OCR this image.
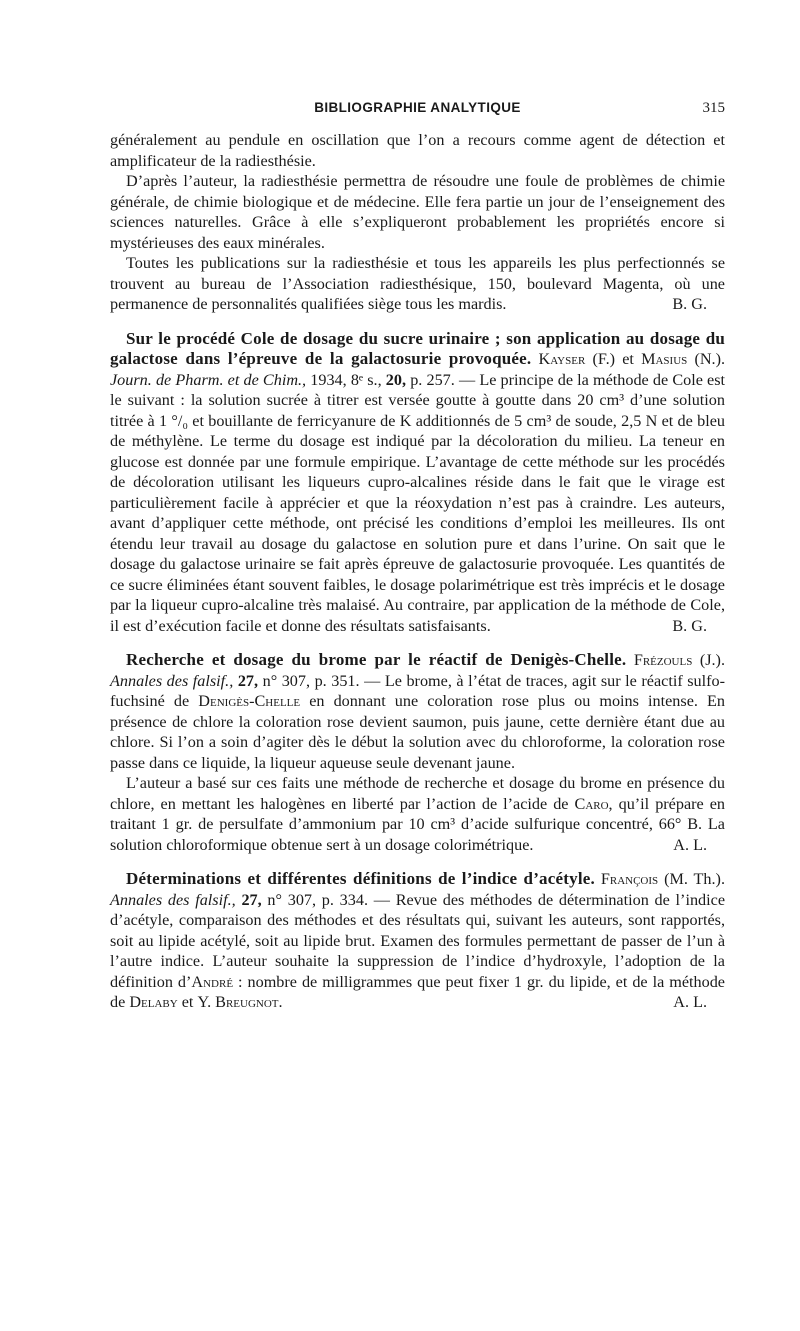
BIBLIOGRAPHIE ANALYTIQUE	315

généralement au pendule en oscillation que l’on a recours comme agent de détection et amplificateur de la radiesthésie.

D’après l’auteur, la radiesthésie permettra de résoudre une foule de problèmes de chimie générale, de chimie biologique et de médecine. Elle fera partie un jour de l’enseignement des sciences naturelles. Grâce à elle s’expliqueront probablement les propriétés encore si mystérieuses des eaux minérales.

Toutes les publications sur la radiesthésie et tous les appareils les plus perfectionnés se trouvent au bureau de l’Association radiesthésique, 150, boulevard Magenta, où une permanence de personnalités qualifiées siège tous les mardis.	B. G.

Sur le procédé Cole de dosage du sucre urinaire ; son application au dosage du galactose dans l’épreuve de la galactosurie provoquée. Kayser (F.) et Masius (N.). Journ. de Pharm. et de Chim., 1934, 8ᵉ s., 20, p. 257. — Le principe de la méthode de Cole est le suivant : la solution sucrée à titrer est versée goutte à goutte dans 20 cm³ d’une solution titrée à 1 °/₀ et bouillante de ferricyanure de K additionnés de 5 cm³ de soude, 2,5 N et de bleu de méthylène. Le terme du dosage est indiqué par la décoloration du milieu. La teneur en glucose est donnée par une formule empirique. L’avantage de cette méthode sur les procédés de décoloration utilisant les liqueurs cupro-alcalines réside dans le fait que le virage est particulièrement facile à apprécier et que la réoxydation n’est pas à craindre. Les auteurs, avant d’appliquer cette méthode, ont précisé les conditions d’emploi les meilleures. Ils ont étendu leur travail au dosage du galactose en solution pure et dans l’urine. On sait que le dosage du galactose urinaire se fait après épreuve de galactosurie provoquée. Les quantités de ce sucre éliminées étant souvent faibles, le dosage polarimétrique est très imprécis et le dosage par la liqueur cupro-alcaline très malaisé. Au contraire, par application de la méthode de Cole, il est d’exécution facile et donne des résultats satisfaisants.	B. G.

Recherche et dosage du brome par le réactif de Denigès-Chelle. Frézouls (J.). Annales des falsif., 27, n° 307, p. 351. — Le brome, à l’état de traces, agit sur le réactif sulfo-fuchsiné de Denigès-Chelle en donnant une coloration rose plus ou moins intense. En présence de chlore la coloration rose devient saumon, puis jaune, cette dernière étant due au chlore. Si l’on a soin d’agiter dès le début la solution avec du chloroforme, la coloration rose passe dans ce liquide, la liqueur aqueuse seule devenant jaune.

L’auteur a basé sur ces faits une méthode de recherche et dosage du brome en présence du chlore, en mettant les halogènes en liberté par l’action de l’acide de Caro, qu’il prépare en traitant 1 gr. de persulfate d’ammonium par 10 cm³ d’acide sulfurique concentré, 66° B. La solution chloroformique obtenue sert à un dosage colorimétrique.	A. L.

Déterminations et différentes définitions de l’indice d’acétyle. François (M. Th.). Annales des falsif., 27, n° 307, p. 334. — Revue des méthodes de détermination de l’indice d’acétyle, comparaison des méthodes et des résultats qui, suivant les auteurs, sont rapportés, soit au lipide acétylé, soit au lipide brut. Examen des formules permettant de passer de l’un à l’autre indice. L’auteur souhaite la suppression de l’indice d’hydroxyle, l’adoption de la définition d’André : nombre de milligrammes que peut fixer 1 gr. du lipide, et de la méthode de Delaby et Y. Breugnot.	A. L.
